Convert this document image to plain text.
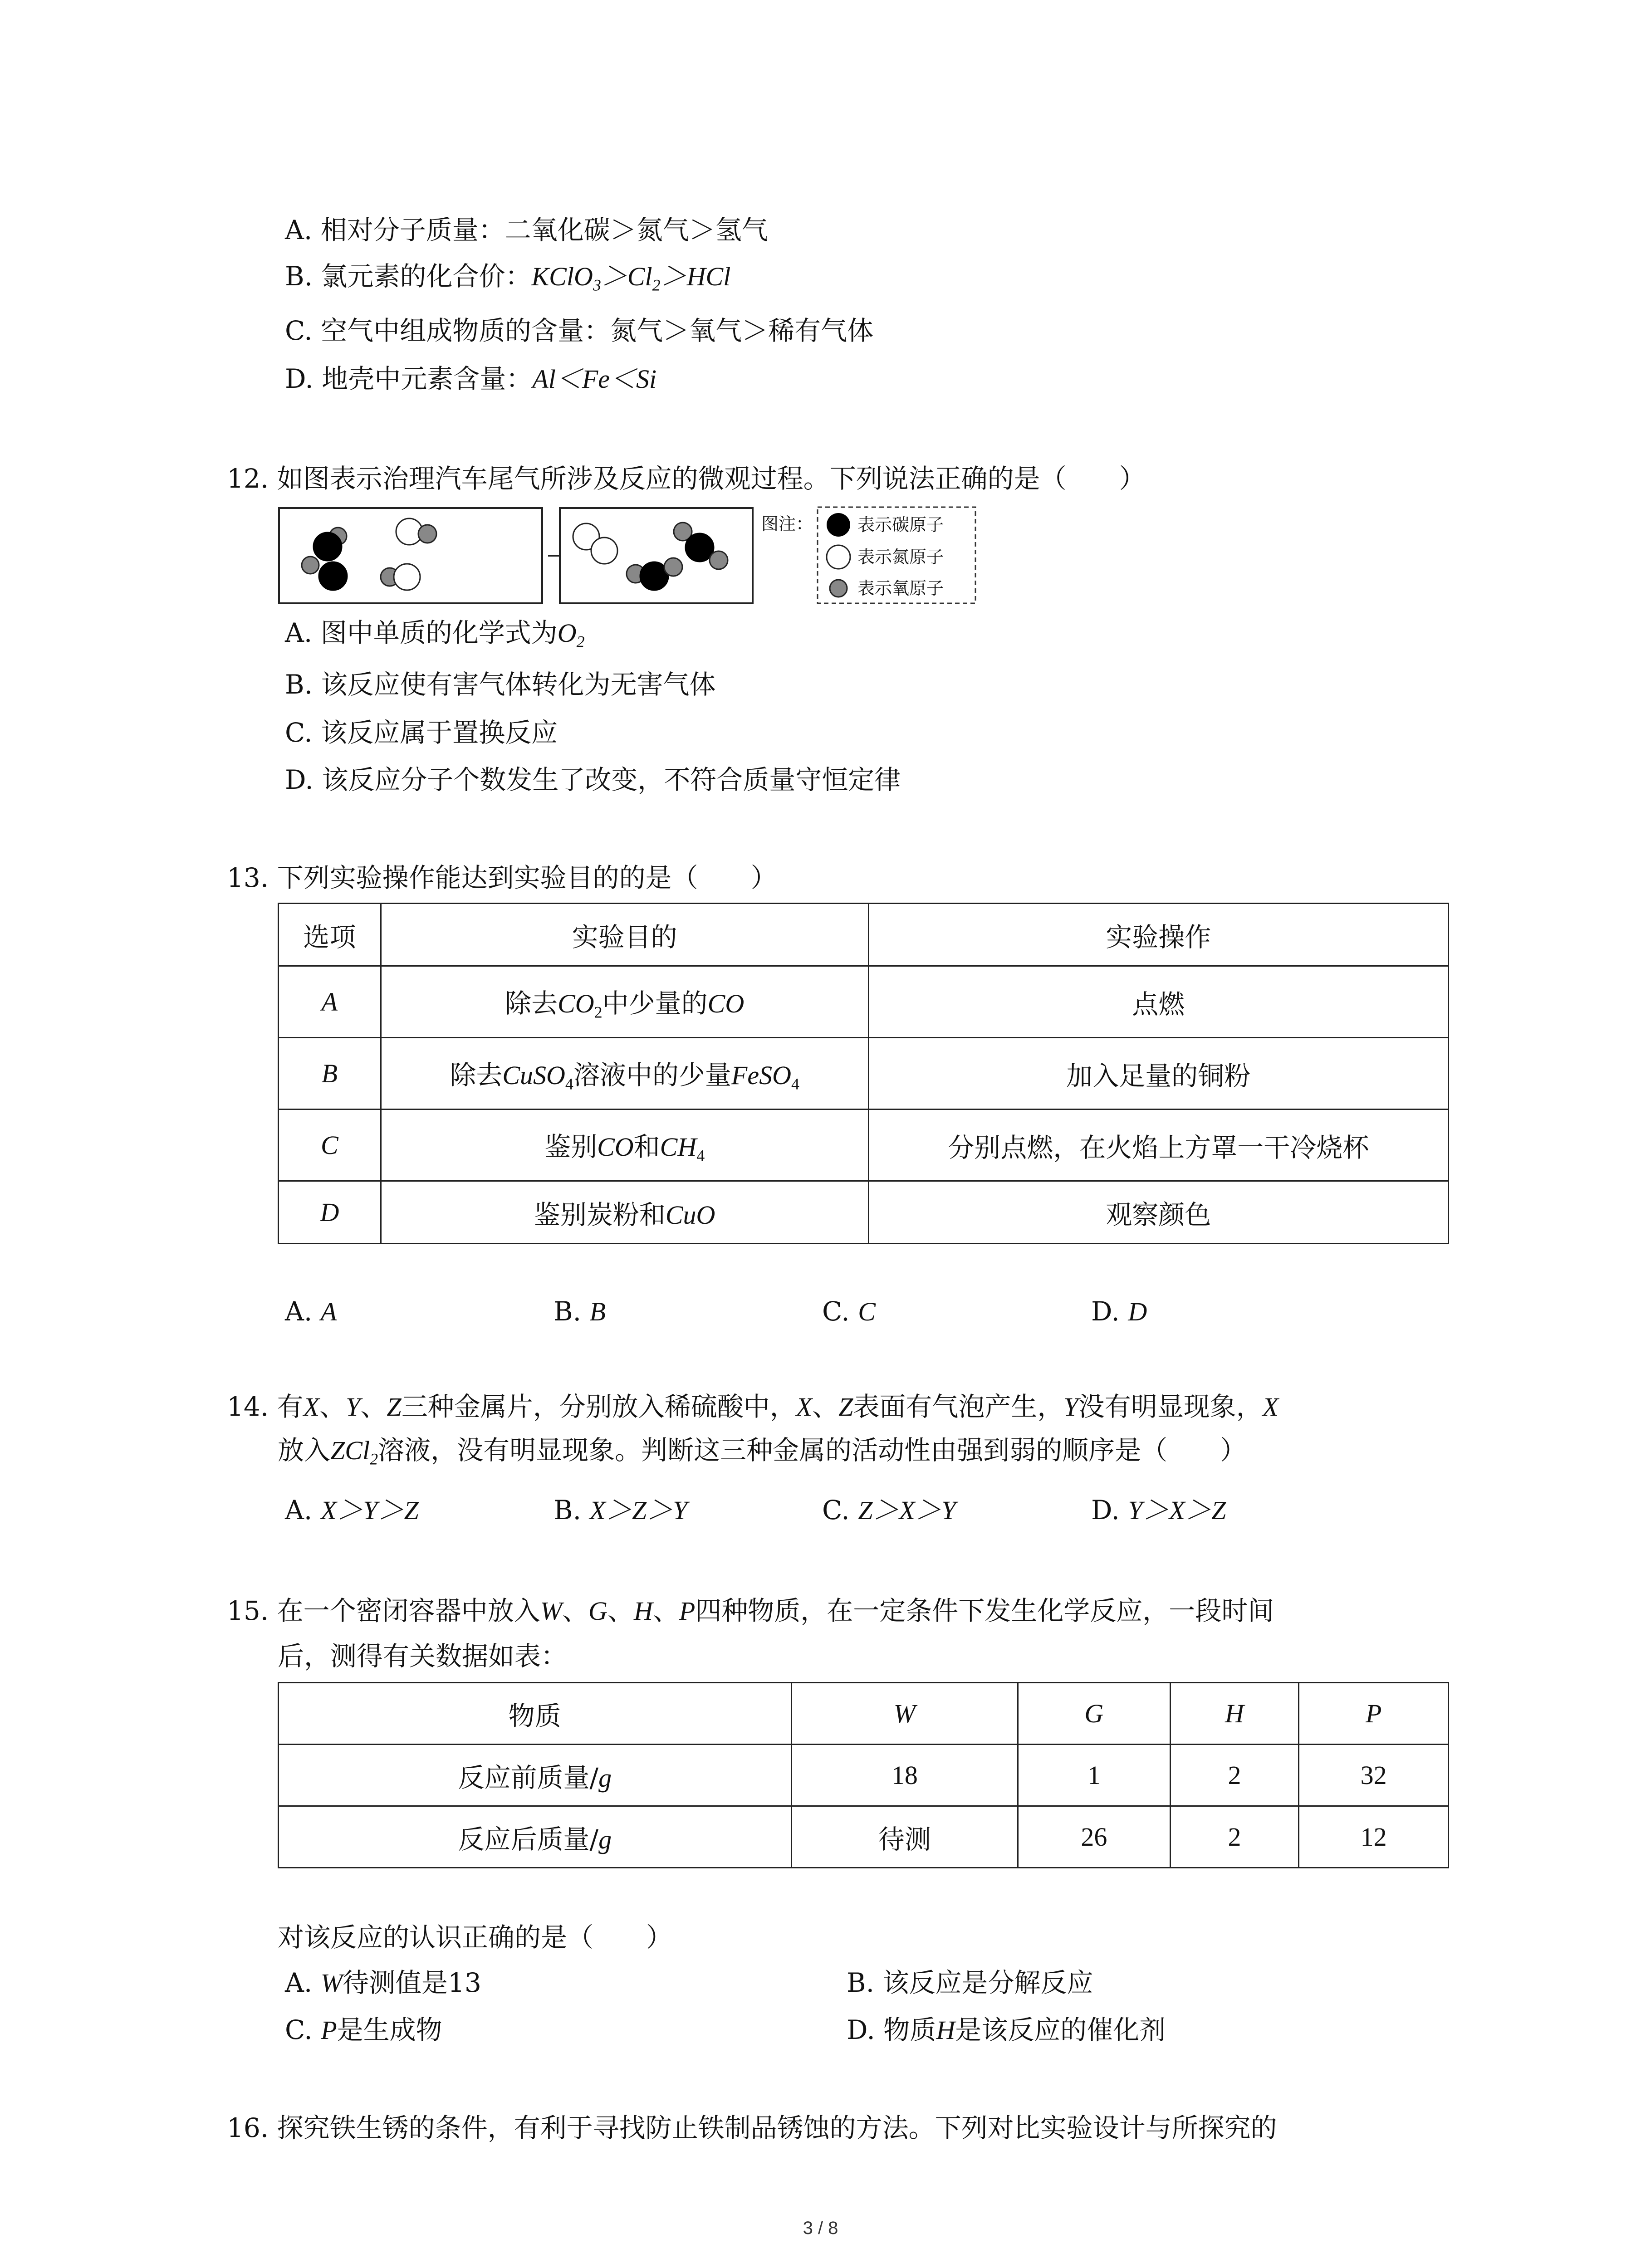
A. 相对分子质量：二氧化碳＞氮气＞氢气
B. 氯元素的化合价：KClO3＞Cl2＞HCl
C. 空气中组成物质的含量：氮气＞氧气＞稀有气体
D. 地壳中元素含量：Al＜Fe＜Si
12. 如图表示治理汽车尾气所涉及反应的微观过程。下列说法正确的是（　　）
图注：	表示碳原子
表示氮原子
表示氧原子
A. 图中单质的化学式为O2
B. 该反应使有害气体转化为无害气体
C. 该反应属于置换反应
D. 该反应分子个数发生了改变，不符合质量守恒定律
13. 下列实验操作能达到实验目的的是（　　）
选项	实验目的	实验操作
A	除去$CO_2$中少量的CO	点燃
B	除去CuSO$_4$溶液中的少量FeSO$_4$	加入足量的铜粉
C	鉴别CO和$CH_4$	分别点燃，在火焰上方罩一干冷烧杯
D	鉴别炭粉和CuO	观察颜色
A. A	B. B	C. C	D. D
14. 有X、Y、Z三种金属片，分别放入稀硫酸中，X、Z表面有气泡产生，Y没有明显现象，X
放入ZCl2溶液，没有明显现象。判断这三种金属的活动性由强到弱的顺序是（　　）
A. X＞Y＞Z	B. X＞Z＞Y	C. Z＞X＞Y	D. Y＞X＞Z
15. 在一个密闭容器中放入W、G、H、P四种物质，在一定条件下发生化学反应，一段时间
后，测得有关数据如表：
物质	W	G	H	P
反应前质量/g	18	1	2	32
反应后质量/g	待测	26	2	12
对该反应的认识正确的是（　　）
A. W待测值是13	B. 该反应是分解反应
C. P是生成物	D. 物质H是该反应的催化剂
16. 探究铁生锈的条件，有利于寻找防止铁制品锈蚀的方法。下列对比实验设计与所探究的
3 / 8
